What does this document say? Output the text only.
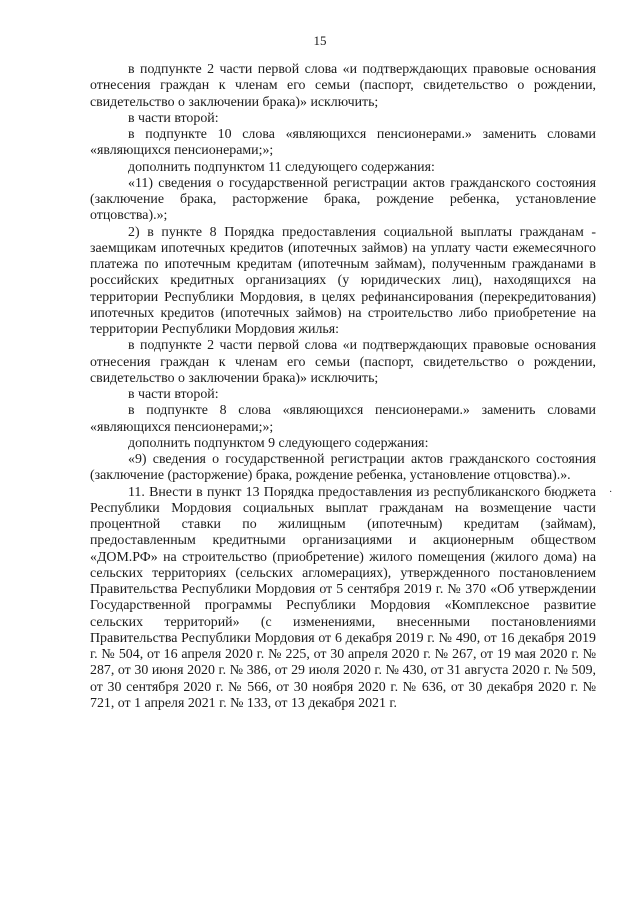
15

в подпункте 2 части первой слова «и подтверждающих правовые основания отнесения граждан к членам его семьи (паспорт, свидетельство о рождении, свидетельство о заключении брака)» исключить;

в части второй:

в подпункте 10 слова «являющихся пенсионерами.» заменить словами «являющихся пенсионерами;»;

дополнить подпунктом 11 следующего содержания:

«11) сведения о государственной регистрации актов гражданского состояния (заключение брака, расторжение брака, рождение ребенка, установление отцовства).»;

2) в пункте 8 Порядка предоставления социальной выплаты гражданам - заемщикам ипотечных кредитов (ипотечных займов) на уплату части ежемесячного платежа по ипотечным кредитам (ипотечным займам), полученным гражданами в российских кредитных организациях (у юридических лиц), находящихся на территории Республики Мордовия, в целях рефинансирования (перекредитования) ипотечных кредитов (ипотечных займов) на строительство либо приобретение на территории Республики Мордовия жилья:

в подпункте 2 части первой слова «и подтверждающих правовые основания отнесения граждан к членам его семьи (паспорт, свидетельство о рождении, свидетельство о заключении брака)» исключить;

в части второй:

в подпункте 8 слова «являющихся пенсионерами.» заменить словами «являющихся пенсионерами;»;

дополнить подпунктом 9 следующего содержания:

«9) сведения о государственной регистрации актов гражданского состояния (заключение (расторжение) брака, рождение ребенка, установление отцовства).».

11. Внести в пункт 13 Порядка предоставления из республиканского бюджета Республики Мордовия социальных выплат гражданам на возмещение части процентной ставки по жилищным (ипотечным) кредитам (займам), предоставленным кредитными организациями и акционерным обществом «ДОМ.РФ» на строительство (приобретение) жилого помещения (жилого дома) на сельских территориях (сельских агломерациях), утвержденного постановлением Правительства Республики Мордовия от 5 сентября 2019 г. № 370 «Об утверждении Государственной программы Республики Мордовия «Комплексное развитие сельских территорий» (с изменениями, внесенными постановлениями Правительства Республики Мордовия от 6 декабря 2019 г. № 490, от 16 декабря 2019 г. № 504, от 16 апреля 2020 г. № 225, от 30 апреля 2020 г. № 267, от 19 мая 2020 г. № 287, от 30 июня 2020 г. № 386, от 29 июля 2020 г. № 430, от 31 августа 2020 г. № 509, от 30 сентября 2020 г. № 566, от 30 ноября 2020 г. № 636, от 30 декабря 2020 г. № 721, от 1 апреля 2021 г. № 133, от 13 декабря 2021 г.

·
